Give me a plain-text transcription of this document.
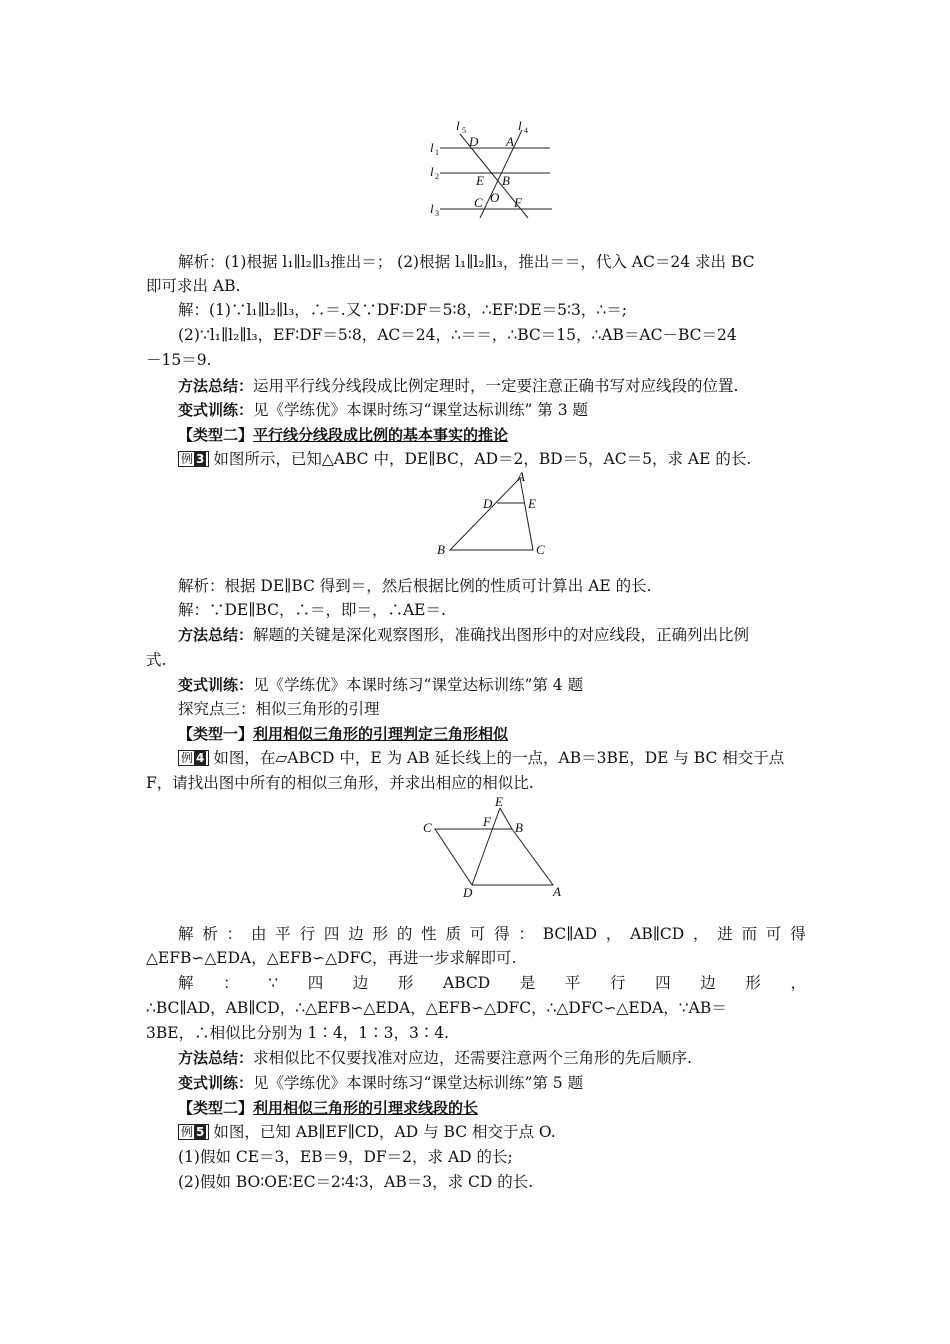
l 5
D
l 4
A
l 1
l 2	E B
O
C F
l 3
A
D	E
B	C
E
C	F B
D	A
解析：(1)根据 l₁∥l₂∥l₃推出＝； (2)根据 l₁∥l₂∥l₃，推出＝＝，代入 AC＝24 求出 BC
即可求出 AB.
解：(1)∵l₁∥l₂∥l₃，∴＝.又∵DF∶DF＝5∶8，∴EF∶DE＝5∶3，∴＝;
(2)∵l₁∥l₂∥l₃，EF∶DF＝5∶8，AC＝24，∴＝＝，∴BC＝15，∴AB＝AC－BC＝24
－15＝9.
方法总结：运用平行线分线段成比例定理时，一定要注意正确书写对应线段的位置.
变式训练：见《学练优》本课时练习“课堂达标训练” 第 3 题
【类型二】平行线分线段成比例的基本事实的推论
例 3 如图所示，已知△ABC 中，DE∥BC，AD＝2，BD＝5，AC＝5，求 AE 的长.
解析：根据 DE∥BC 得到＝，然后根据比例的性质可计算出 AE 的长.
解：∵DE∥BC，∴＝，即＝，∴AE＝.
方法总结：解题的关键是深化观察图形，准确找出图形中的对应线段，正确列出比例
式.
变式训练：见《学练优》本课时练习“课堂达标训练”第 4 题
探究点三：相似三角形的引理
【类型一】利用相似三角形的引理判定三角形相似
例 4 如图，在▱ABCD 中，E 为 AB 延长线上的一点，AB＝3BE，DE 与 BC 相交于点
F，请找出图中所有的相似三角形，并求出相应的相似比.
解 析 ： 由 平 行 四 边 形 的 性 质 可 得 ： BC∥AD ， AB∥CD ， 进 而 可 得
△EFB∽△EDA，△EFB∽△DFC，再进一步求解即可.
解 ： ∵ 四 边 形 ABCD 是 平 行 四 边 形 ，
∴BC∥AD，AB∥CD，∴△EFB∽△EDA，△EFB∽△DFC，∴△DFC∽△EDA，∵AB＝
3BE，∴相似比分别为 1∶4，1∶3，3∶4.
方法总结：求相似比不仅要找准对应边，还需要注意两个三角形的先后顺序.
变式训练：见《学练优》本课时练习“课堂达标训练”第 5 题
【类型二】利用相似三角形的引理求线段的长
例 5 如图，已知 AB∥EF∥CD，AD 与 BC 相交于点 O.
(1)假如 CE＝3，EB＝9，DF＝2，求 AD 的长;
(2)假如 BO∶OE∶EC＝2∶4∶3，AB＝3，求 CD 的长.
